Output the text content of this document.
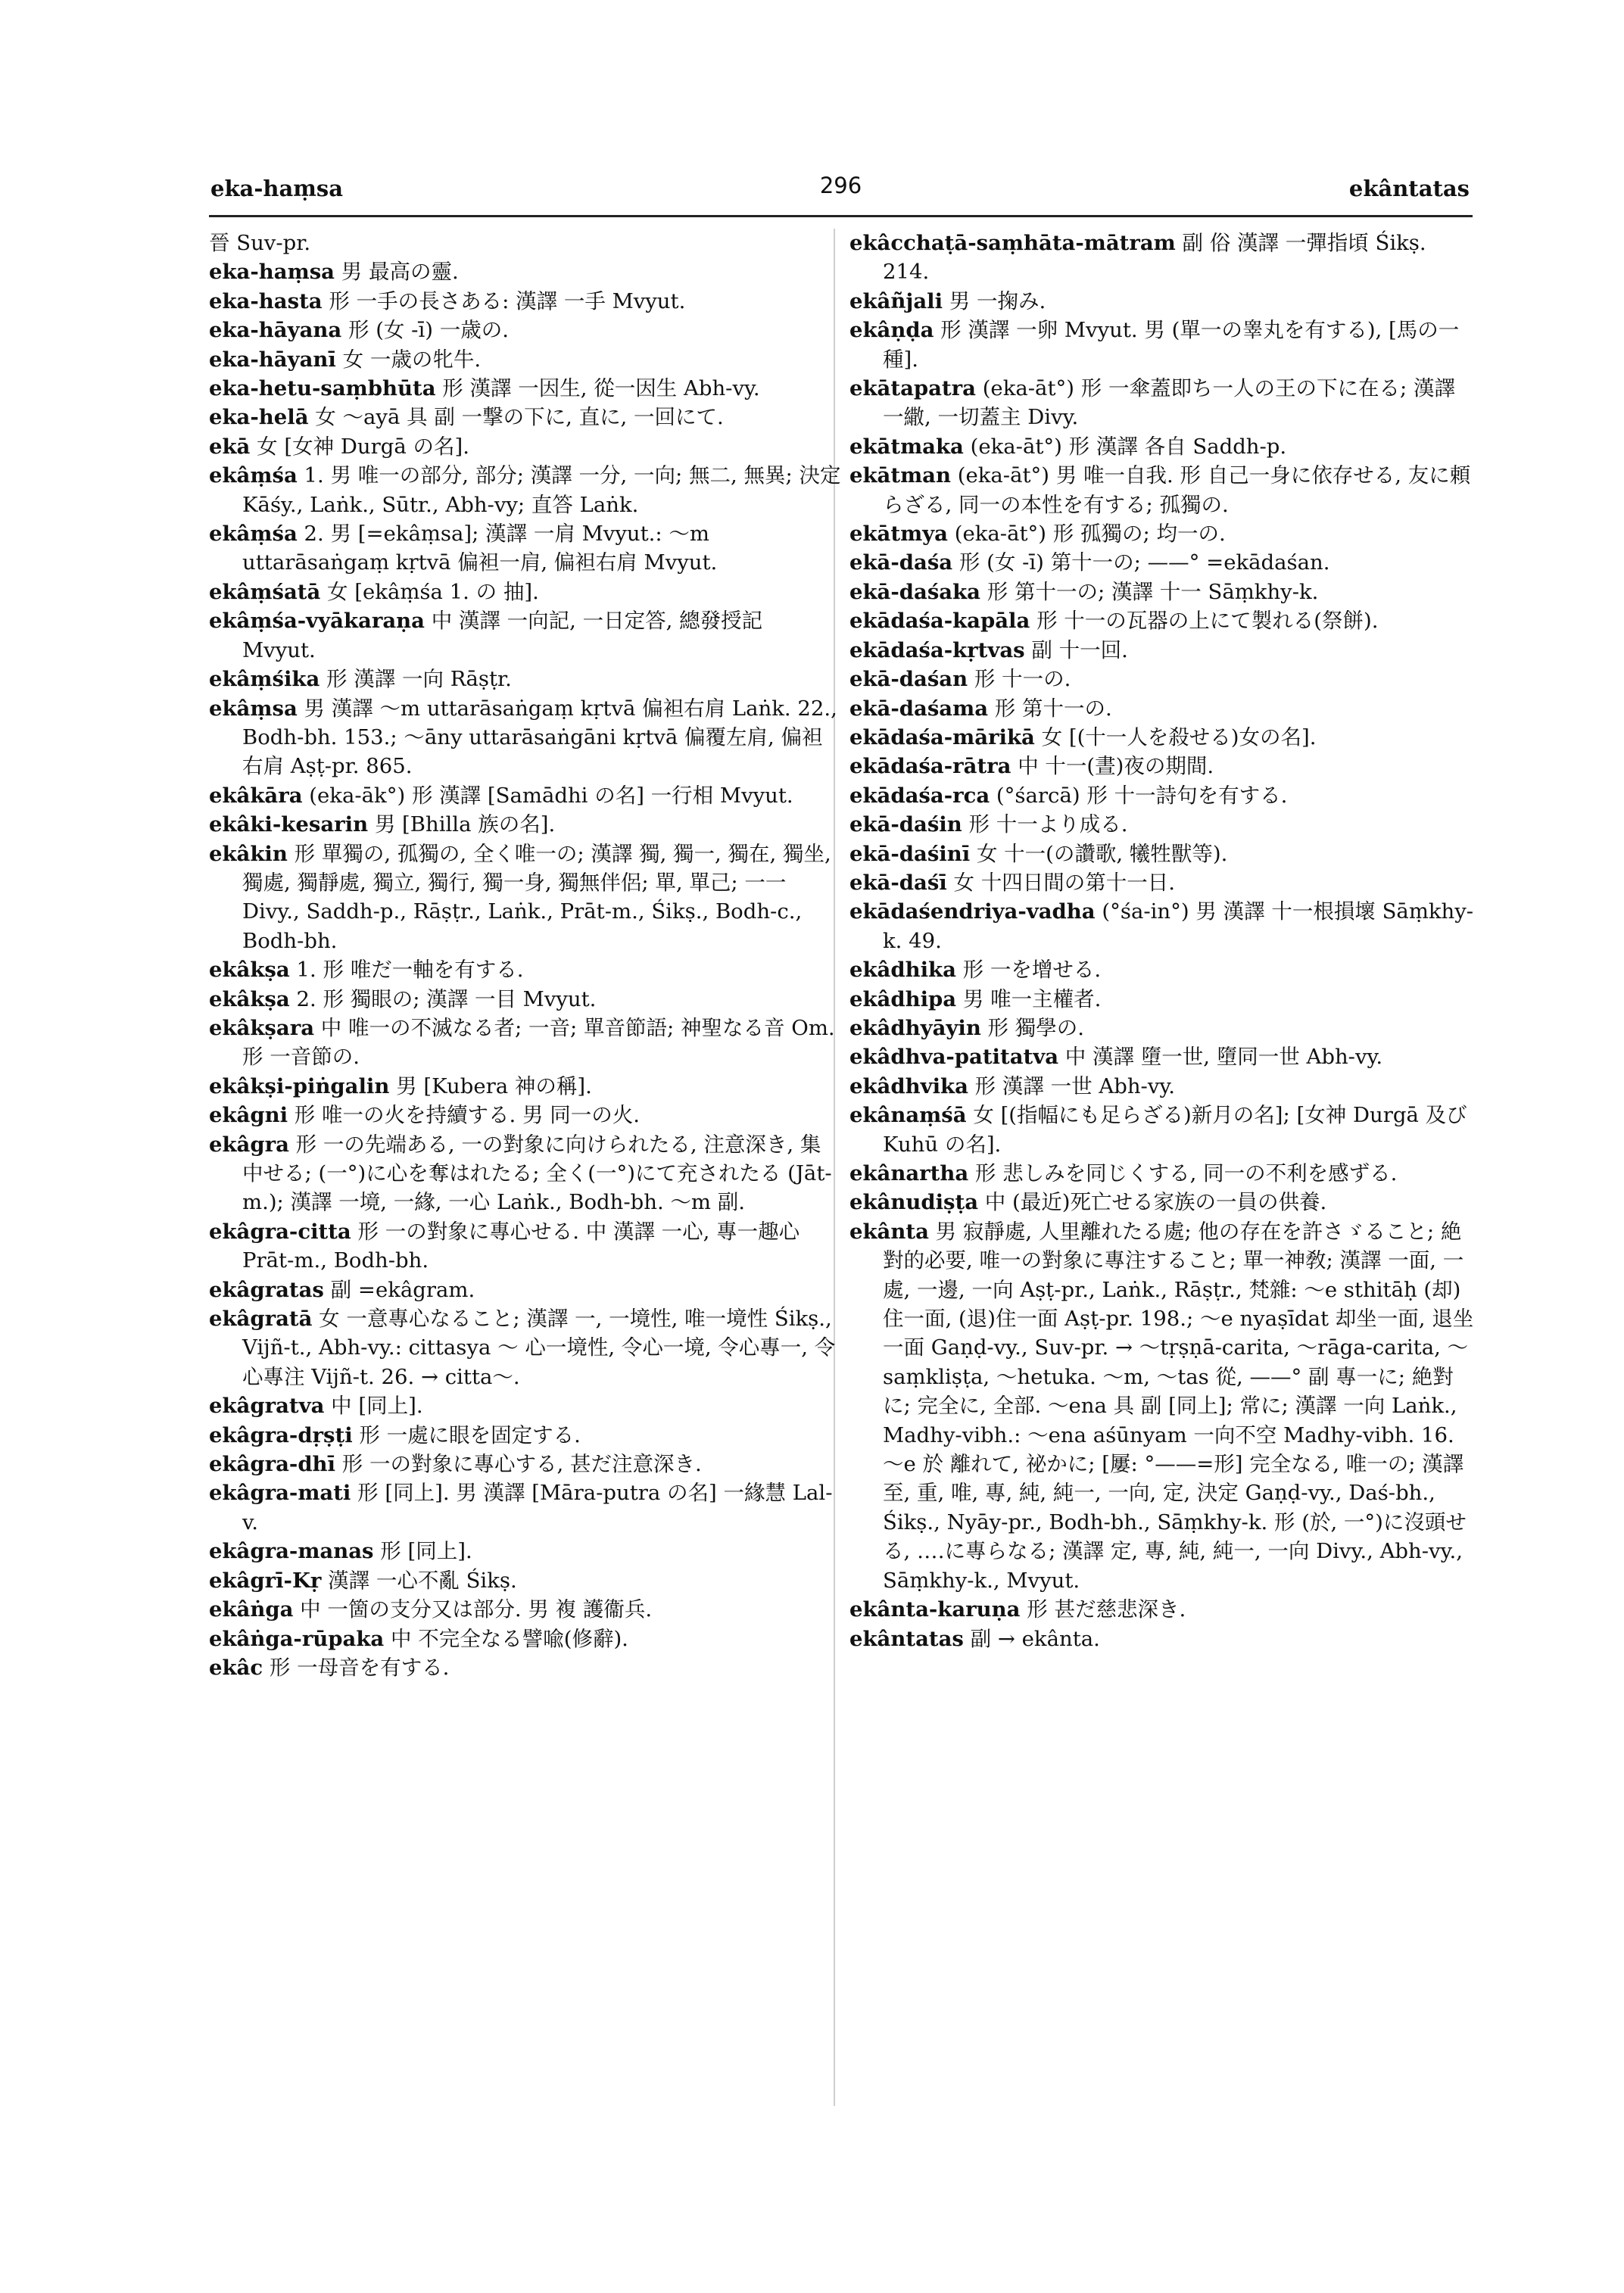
eka-haṃsa	296	ekântatas

晉 Suv-pr.

eka-haṃsa 男 最高の靈.

eka-hasta 形 一手の長さある: 漢譯 一手 Mvyut.

eka-hāyana 形 (女 -ī) 一歳の.

eka-hāyanī 女 一歳の牝牛.

eka-hetu-saṃbhūta 形 漢譯 一因生, 從一因生 Abh-vy.

eka-helā 女 〜ayā 具 副 一撃の下に, 直に, 一回にて.

ekā 女 [女神 Durgā の名].

ekâṃśa 1. 男 唯一の部分, 部分; 漢譯 一分, 一向; 無二, 無異; 決定 Kāśy., Laṅk., Sūtr., Abh-vy; 直答 Laṅk.

ekâṃśa 2. 男 [=ekâṃsa]; 漢譯 一肩 Mvyut.: 〜m uttarāsaṅgaṃ kṛtvā 偏袒一肩, 偏袒右肩 Mvyut.

ekâṃśatā 女 [ekâṃśa 1. の 抽].

ekâṃśa-vyākaraṇa 中 漢譯 一向記, 一日定答, 總發授記 Mvyut.

ekâṃśika 形 漢譯 一向 Rāṣṭr.

ekâṃsa 男 漢譯 〜m uttarāsaṅgaṃ kṛtvā 偏袒右肩 Laṅk. 22., Bodh-bh. 153.; 〜āny uttarāsaṅgāni kṛtvā 偏覆左肩, 偏袒右肩 Aṣṭ-pr. 865.

ekâkāra (eka-āk°) 形 漢譯 [Samādhi の名] 一行相 Mvyut.

ekâki-kesarin 男 [Bhilla 族の名].

ekâkin 形 單獨の, 孤獨の, 全く唯一の; 漢譯 獨, 獨一, 獨在, 獨坐, 獨處, 獨靜處, 獨立, 獨行, 獨一身, 獨無伴侶; 單, 單己; 一一 Divy., Saddh-p., Rāṣṭr., Laṅk., Prāt-m., Śikṣ., Bodh-c., Bodh-bh.

ekâkṣa 1. 形 唯だ一軸を有する.

ekâkṣa 2. 形 獨眼の; 漢譯 一目 Mvyut.

ekâkṣara 中 唯一の不滅なる者; 一音; 單音節語; 神聖なる音 Om. 形 一音節の.

ekâkṣi-piṅgalin 男 [Kubera 神の稱].

ekâgni 形 唯一の火を持續する. 男 同一の火.

ekâgra 形 一の先端ある, 一の對象に向けられたる, 注意深き, 集中せる; (一°)に心を奪はれたる; 全く(一°)にて充されたる (Jāt-m.); 漢譯 一境, 一緣, 一心 Laṅk., Bodh-bh. 〜m 副.

ekâgra-citta 形 一の對象に專心せる. 中 漢譯 一心, 專一趣心 Prāt-m., Bodh-bh.

ekâgratas 副 =ekâgram.

ekâgratā 女 一意專心なること; 漢譯 一, 一境性, 唯一境性 Śikṣ., Vijñ-t., Abh-vy.: cittasya 〜 心一境性, 令心一境, 令心專一, 令心專注 Vijñ-t. 26. → citta〜.

ekâgratva 中 [同上].

ekâgra-dṛṣṭi 形 一處に眼を固定する.

ekâgra-dhī 形 一の對象に專心する, 甚だ注意深き.

ekâgra-mati 形 [同上]. 男 漢譯 [Māra-putra の名] 一緣慧 Lal-v.

ekâgra-manas 形 [同上].

ekâgrī-Kṛ 漢譯 一心不亂 Śikṣ.

ekâṅga 中 一箇の支分又は部分. 男 複 護衞兵.

ekâṅga-rūpaka 中 不完全なる譬喩(修辭).

ekâc 形 一母音を有する.

ekâcchaṭā-saṃhāta-mātram 副 俗 漢譯 一彈指頃 Śikṣ. 214.

ekâñjali 男 一掬み.

ekâṇḍa 形 漢譯 一卵 Mvyut. 男 (單一の睾丸を有する), [馬の一種].

ekātapatra (eka-āt°) 形 一傘蓋即ち一人の王の下に在る; 漢譯 一繖, 一切蓋主 Divy.

ekātmaka (eka-āt°) 形 漢譯 各自 Saddh-p.

ekātman (eka-āt°) 男 唯一自我. 形 自己一身に依存せる, 友に頼らざる, 同一の本性を有する; 孤獨の.

ekātmya (eka-āt°) 形 孤獨の; 均一の.

ekā-daśa 形 (女 -ī) 第十一の; ——° =ekādaśan.

ekā-daśaka 形 第十一の; 漢譯 十一 Sāṃkhy-k.

ekādaśa-kapāla 形 十一の瓦器の上にて製れる(祭餅).

ekādaśa-kṛtvas 副 十一回.

ekā-daśan 形 十一の.

ekā-daśama 形 第十一の.

ekādaśa-mārikā 女 [(十一人を殺せる)女の名].

ekādaśa-rātra 中 十一(晝)夜の期間.

ekādaśa-rca (°śarcā) 形 十一詩句を有する.

ekā-daśin 形 十一より成る.

ekā-daśinī 女 十一(の讚歌, 犧牲獸等).

ekā-daśī 女 十四日間の第十一日.

ekādaśendriya-vadha (°śa-in°) 男 漢譯 十一根損壞 Sāṃkhy-k. 49.

ekâdhika 形 一を增せる.

ekâdhipa 男 唯一主權者.

ekâdhyāyin 形 獨學の.

ekâdhva-patitatva 中 漢譯 墮一世, 墮同一世 Abh-vy.

ekâdhvika 形 漢譯 一世 Abh-vy.

ekânaṃśā 女 [(指幅にも足らざる)新月の名]; [女神 Durgā 及び Kuhū の名].

ekânartha 形 悲しみを同じくする, 同一の不利を感ずる.

ekânudiṣṭa 中 (最近)死亡せる家族の一員の供養.

ekânta 男 寂靜處, 人里離れたる處; 他の存在を許さゞること; 絶對的必要, 唯一の對象に專注すること; 單一神敎; 漢譯 一面, 一處, 一邊, 一向 Aṣṭ-pr., Laṅk., Rāṣṭr., 梵雜: 〜e sthitāḥ (却)住一面, (退)住一面 Aṣṭ-pr. 198.; 〜e nyaṣīdat 却坐一面, 退坐一面 Gaṇḍ-vy., Suv-pr. → 〜tṛṣṇā-carita, 〜rāga-carita, 〜saṃkliṣṭa, 〜hetuka. 〜m, 〜tas 從, ——° 副 專一に; 絶對に; 完全に, 全部. 〜ena 具 副 [同上]; 常に; 漢譯 一向 Laṅk., Madhy-vibh.: 〜ena aśūnyam 一向不空 Madhy-vibh. 16. 〜e 於 離れて, 祕かに; [屢: °——=形] 完全なる, 唯一の; 漢譯 至, 重, 唯, 專, 純, 純一, 一向, 定, 決定 Gaṇḍ-vy., Daś-bh., Śikṣ., Nyāy-pr., Bodh-bh., Sāṃkhy-k. 形 (於, 一°)に沒頭せる, ‥‥に專らなる; 漢譯 定, 專, 純, 純一, 一向 Divy., Abh-vy., Sāṃkhy-k., Mvyut.

ekânta-karuṇa 形 甚だ慈悲深き.

ekântatas 副 → ekânta.
